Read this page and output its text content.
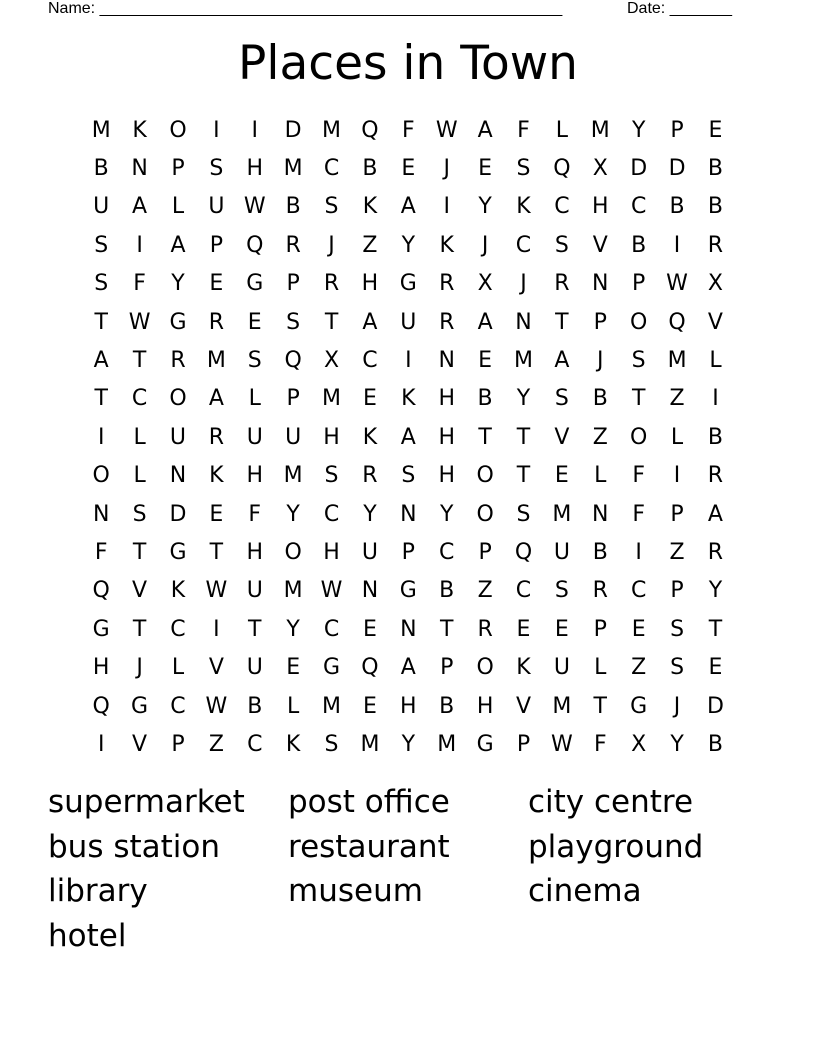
Name: ____________________________________________________	Date: _______
Places in Town
M K	O	I	I	D M Q	F W A	F	L	M	Y	P	E
B	N	P	S	H M C	B	E	J	E	S	Q	X	D D	B
U	A	L	U W B	S	K	A	I	Y	K	C	H	C	B	B
S	I	A	P	Q	R	J	Z	Y	K	J	C	S	V	B	I	R
S	F	Y	E	G	P	R	H G	R	X	J	R	N	P W X
T W G	R	E	S	T	A	U	R	A	N	T	P	O Q	V
A	T	R M S	Q	X	C	I	N	E M A	J	S M	L
T	C	O	A	L	P	M E	K	H	B	Y	S	B	T	Z	I
I	L	U	R	U	U	H	K	A	H	T	T	V	Z	O	L	B
O	L	N	K	H M S	R	S	H O	T	E	L	F	I	R
N	S	D	E	F	Y	C	Y	N	Y	O	S M N	F	P	A
F	T	G	T	H O H	U	P	C	P	Q U	B	I	Z	R
Q	V	K W U M W N G	B	Z	C	S	R	C	P	Y
G	T	C	I	T	Y	C	E	N	T	R	E	E	P	E	S	T
H	J	L	V	U	E	G Q	A	P	O	K	U	L	Z	S	E
Q G	C W B	L	M E	H	B	H	V M	T	G	J	D
I	V	P	Z	C	K	S M	Y	M G	P W F	X	Y	B
supermarket	post office	city centre
bus station	restaurant	playground
library	museum	cinema
hotel
